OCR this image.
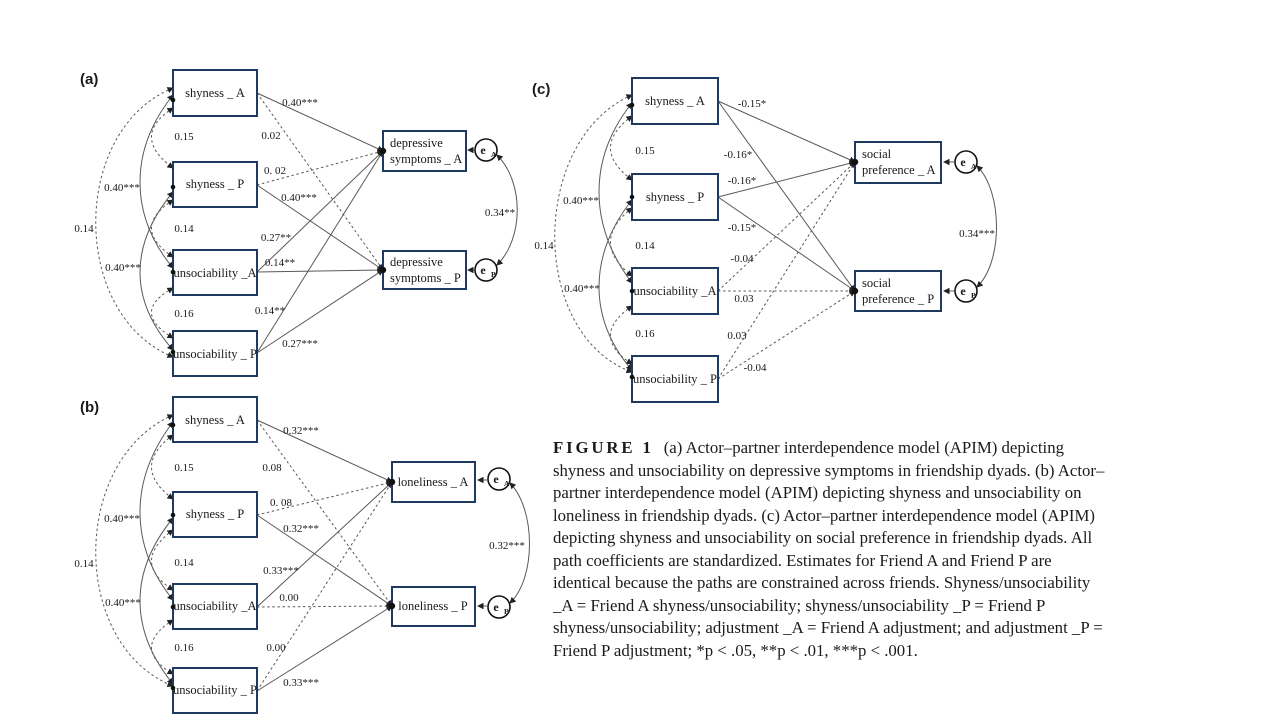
(a)
shyness _ A
shyness _ P
unsociability _A
unsociability _ P
depressive
symptoms _ A
depressive
symptoms _ P
e A
e P
0.40***
0.02
0. 02
0.40***
0.27**
0.14**
0.14**
0.27***
0.15
0.14
0.16
0.40***
0.40***
0.14
0.34**
(b)
shyness _ A
shyness _ P
unsociability _A
unsociability _ P
loneliness _ A
loneliness _ P
e A
e P
0.32***
0.08
0. 08
0.32***
0.33***
0.00
0.00
0.33***
0.15
0.14
0.16
0.40***
0.40***
0.14
0.32***
(c)
shyness _ A
shyness _ P
unsociability _A
unsociability _ P
social
preference _ A
social
preference _ P
e A
e P
-0.15*
-0.16*
-0.16*
-0.15*
-0.04
0.03
0.03
-0.04
0.15
0.14
0.16
0.40***
0.40***
0.14
0.34***
FIGURE 1 (a) Actor–partner interdependence model (APIM) depicting shyness and unsociability on depressive symptoms in friendship dyads. (b) Actor–partner interdependence model (APIM) depicting shyness and unsociability on loneliness in friendship dyads. (c) Actor–partner interdependence model (APIM) depicting shyness and unsociability on social preference in friendship dyads. All path coefficients are standardized. Estimates for Friend A and Friend P are identical because the paths are constrained across friends. Shyness/unsociability _A = Friend A shyness/unsociability; shyness/unsociability _P = Friend P shyness/unsociability; adjustment _A = Friend A adjustment; and adjustment _P = Friend P adjustment; *p < .05, **p < .01, ***p < .001.
